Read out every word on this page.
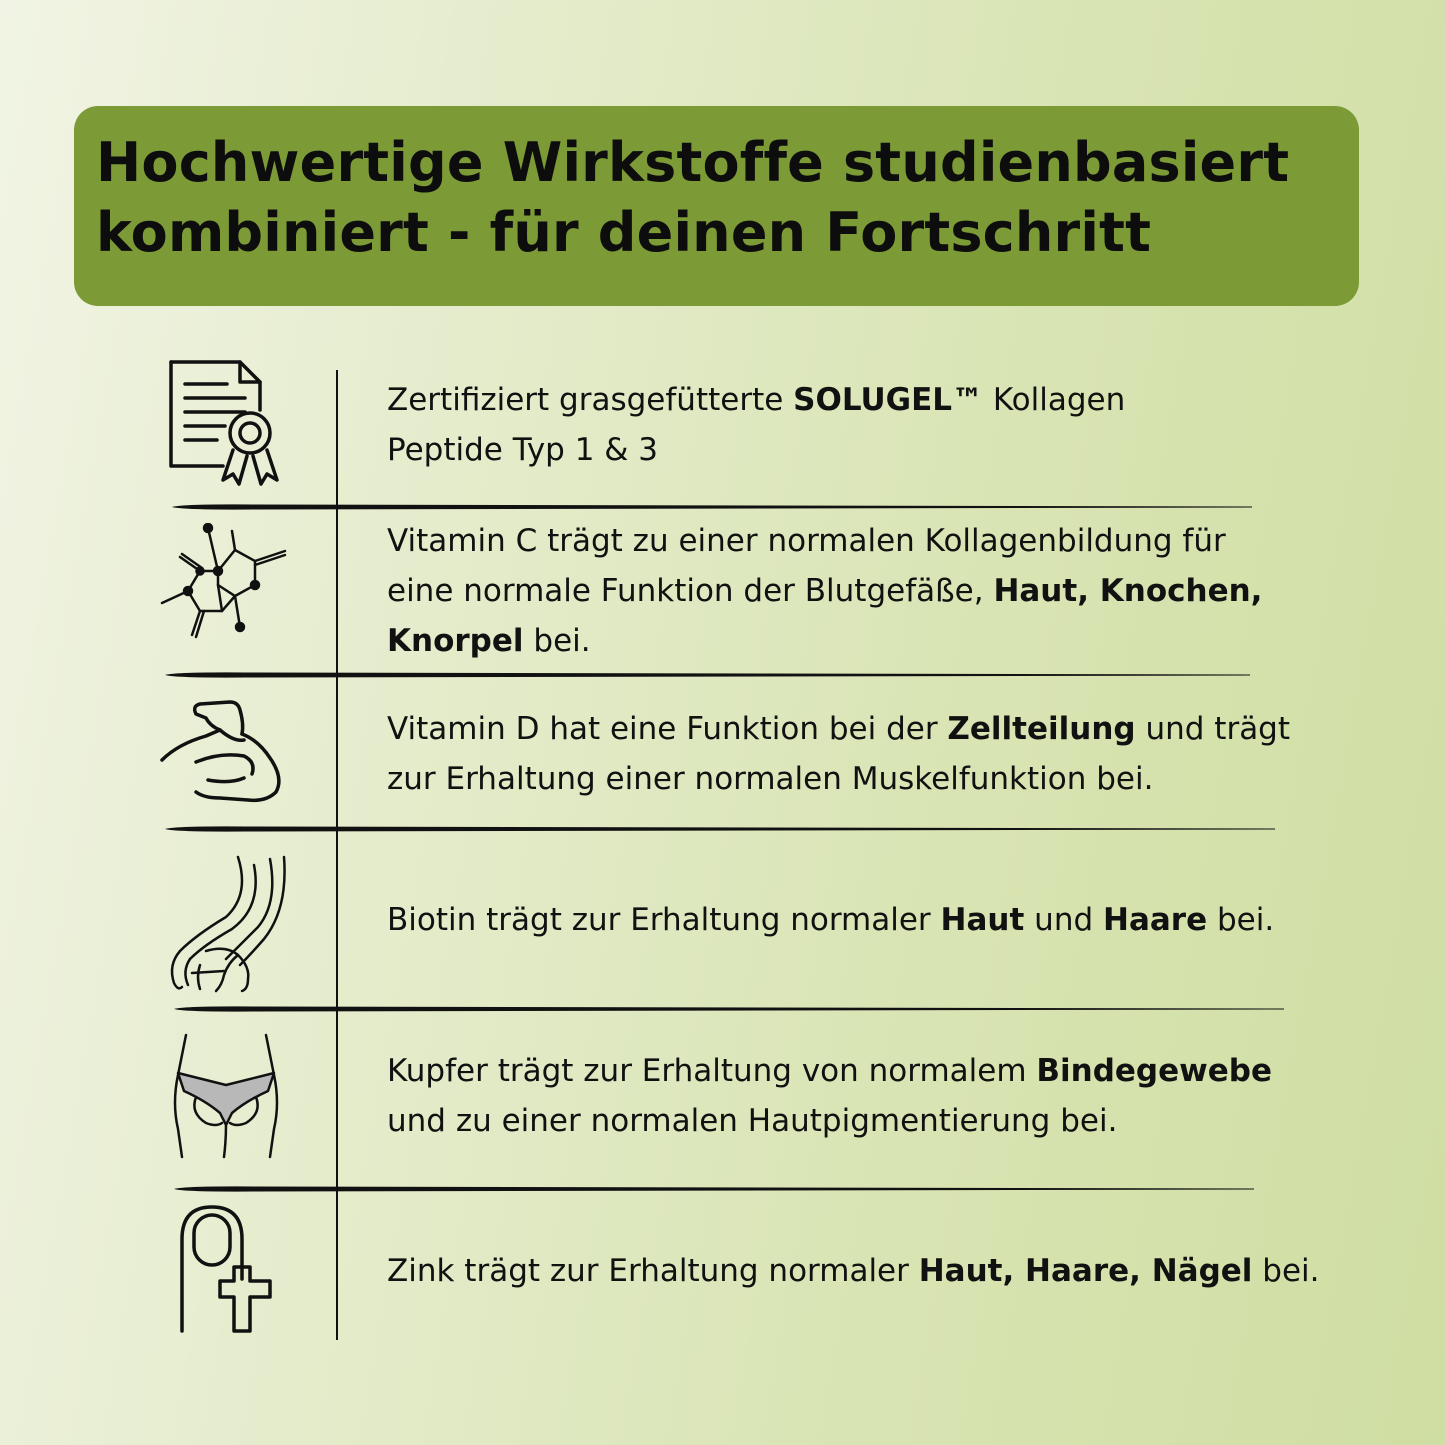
Hochwertige Wirkstoffe studienbasiert
kombiniert - für deinen Fortschritt

Zertifiziert grasgefütterte SOLUGEL™ Kollagen
Peptide Typ 1 & 3

Vitamin C trägt zu einer normalen Kollagenbildung für
eine normale Funktion der Blutgefäße, Haut, Knochen,
Knorpel bei.

Vitamin D hat eine Funktion bei der Zellteilung und trägt
zur Erhaltung einer normalen Muskelfunktion bei.

Biotin trägt zur Erhaltung normaler Haut und Haare bei.

Kupfer trägt zur Erhaltung von normalem Bindegewebe
und zu einer normalen Hautpigmentierung bei.

Zink trägt zur Erhaltung normaler Haut, Haare, Nägel bei.
